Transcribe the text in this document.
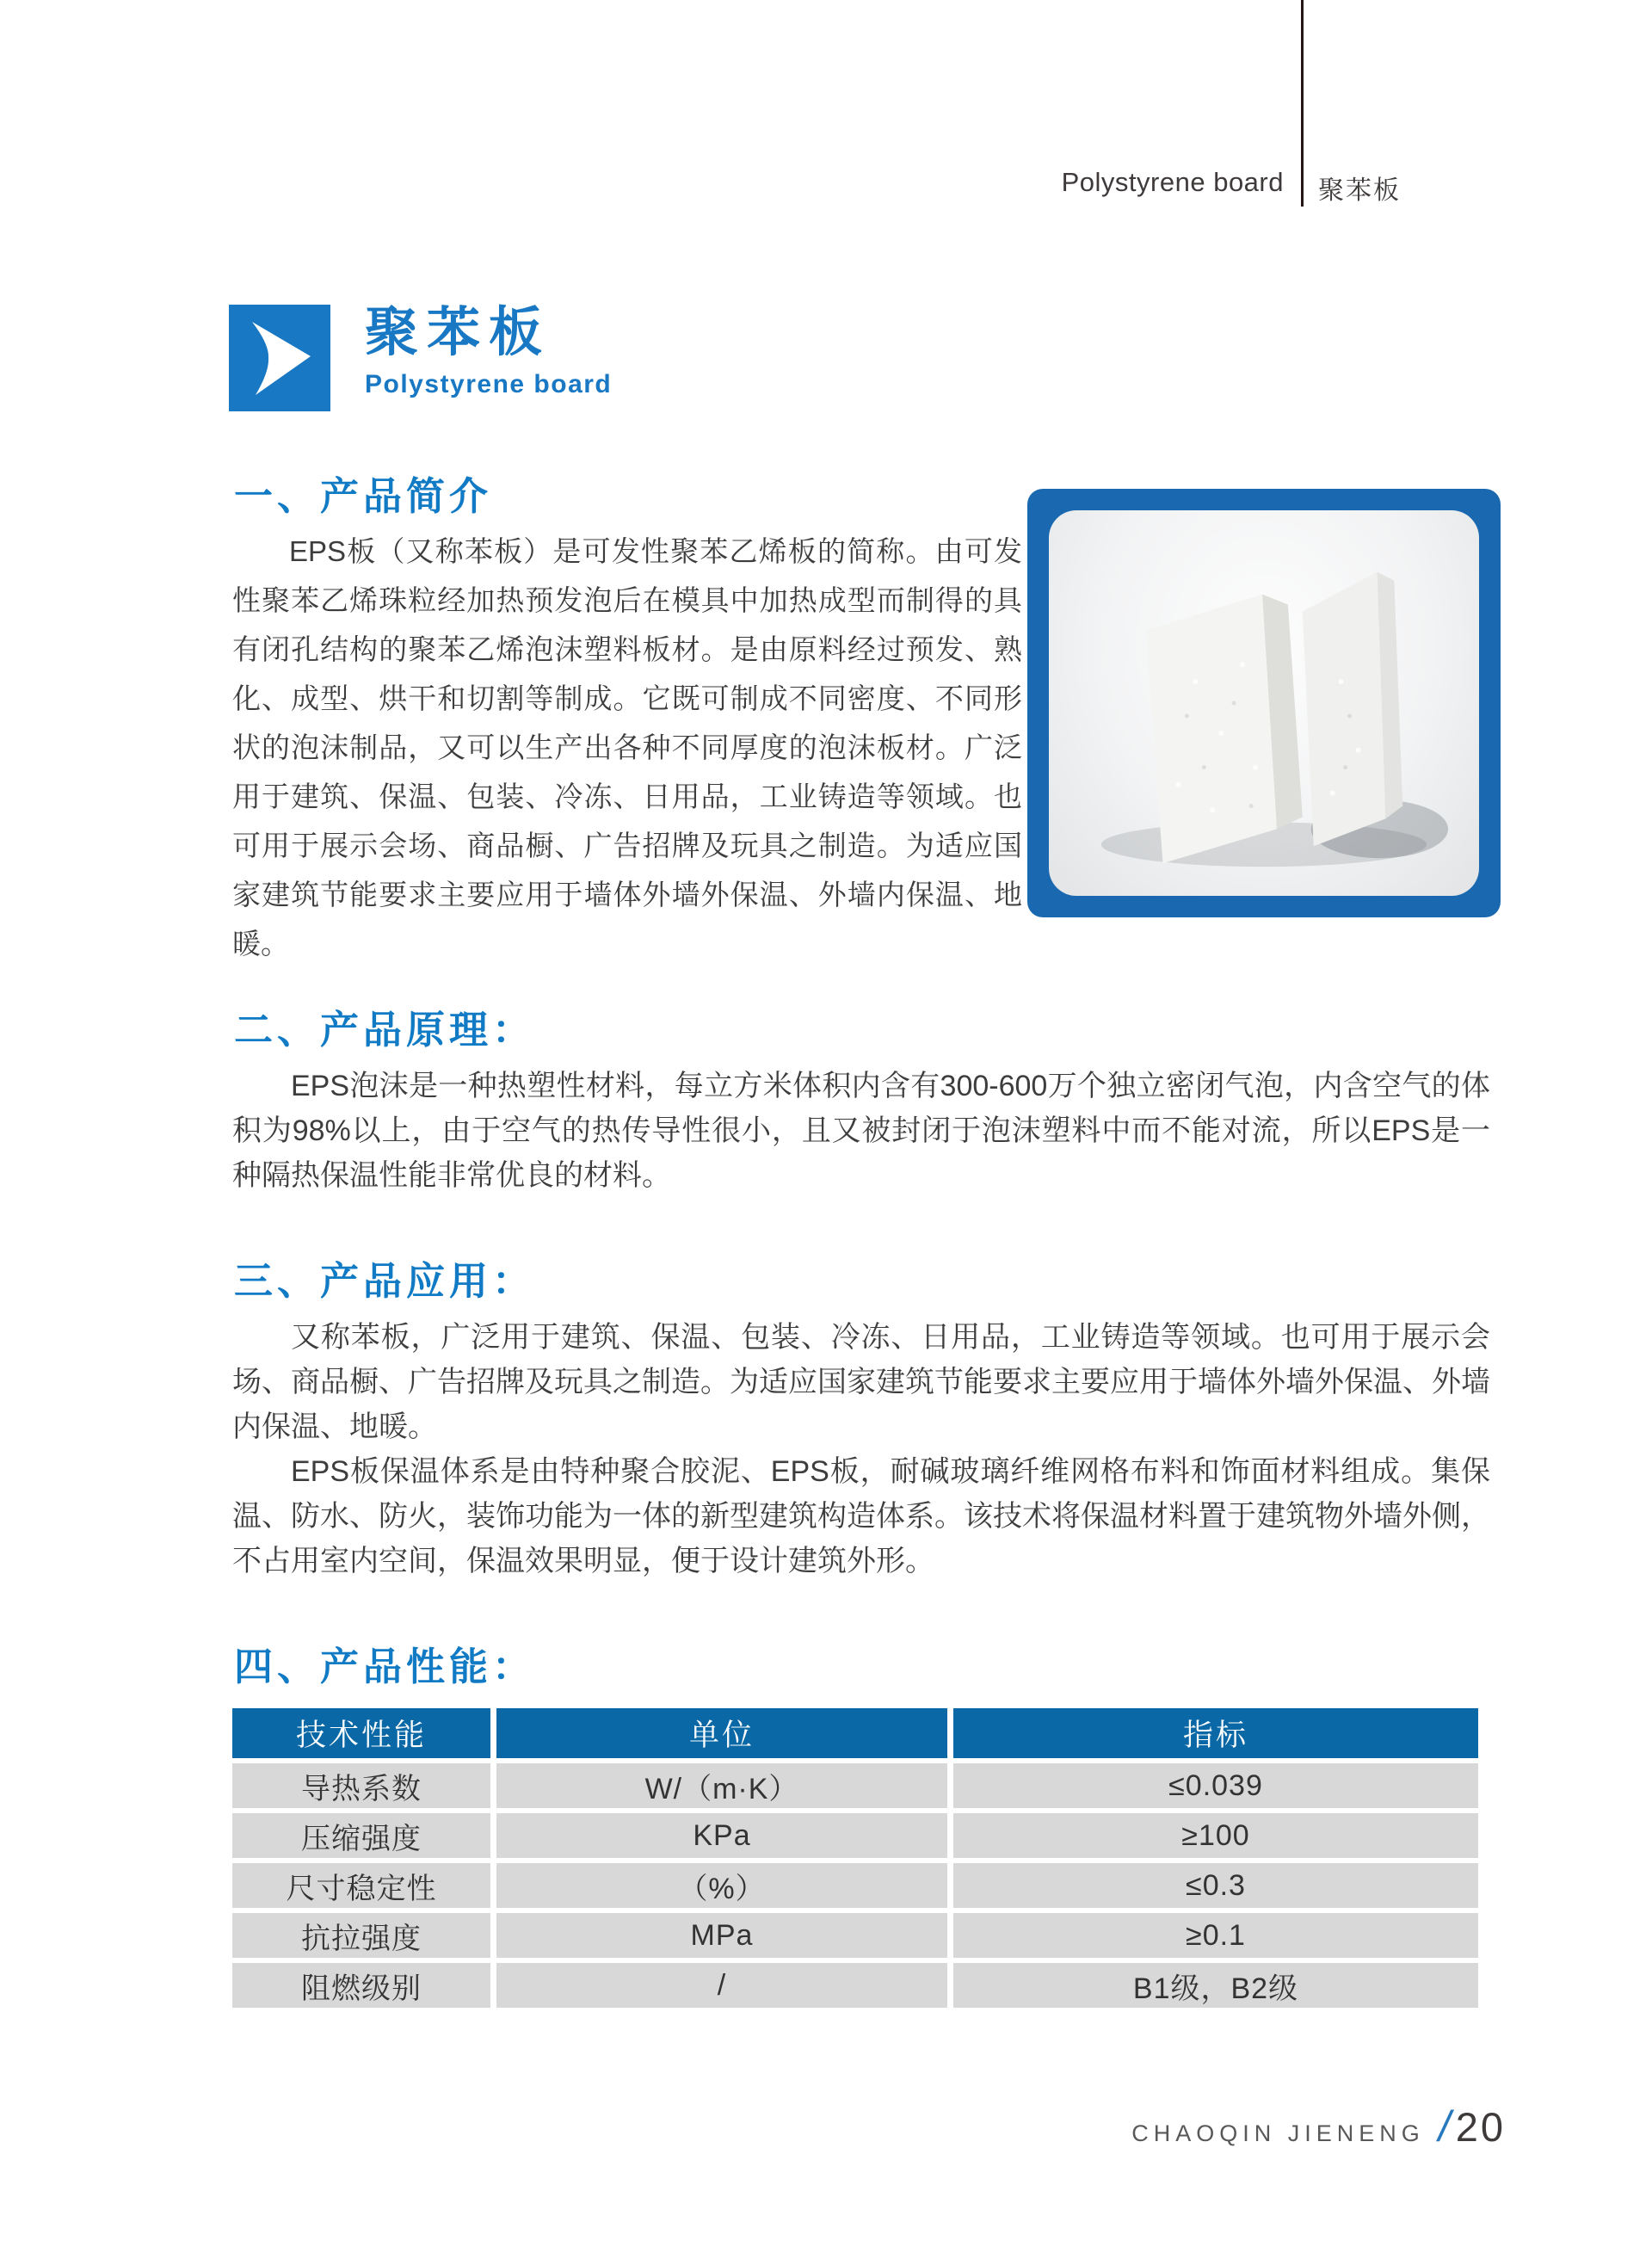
Polystyrene board 聚苯板
聚苯板
Polystyrene board
一、产品简介

EPS板（又称苯板）是可发性聚苯乙烯板的简称。由可发性聚苯乙烯珠粒经加热预发泡后在模具中加热成型而制得的具有闭孔结构的聚苯乙烯泡沫塑料板材。是由原料经过预发、熟化、成型、烘干和切割等制成。它既可制成不同密度、不同形状的泡沫制品，又可以生产出各种不同厚度的泡沫板材。广泛用于建筑、保温、包装、冷冻、日用品，工业铸造等领域。也可用于展示会场、商品橱、广告招牌及玩具之制造。为适应国家建筑节能要求主要应用于墙体外墙外保温、外墙内保温、地暖。

二、产品原理：

EPS泡沫是一种热塑性材料，每立方米体积内含有300-600万个独立密闭气泡，内含空气的体积为98%以上，由于空气的热传导性很小，且又被封闭于泡沫塑料中而不能对流，所以EPS是一种隔热保温性能非常优良的材料。

三、产品应用：

又称苯板，广泛用于建筑、保温、包装、冷冻、日用品，工业铸造等领域。也可用于展示会场、商品橱、广告招牌及玩具之制造。为适应国家建筑节能要求主要应用于墙体外墙外保温、外墙内保温、地暖。

EPS板保温体系是由特种聚合胶泥、EPS板，耐碱玻璃纤维网格布料和饰面材料组成。集保温、防水、防火，装饰功能为一体的新型建筑构造体系。该技术将保温材料置于建筑物外墙外侧，不占用室内空间，保温效果明显，便于设计建筑外形。

四、产品性能：
技术性能	单位	指标
导热系数	W/（m·K）	≤0.039
压缩强度	KPa	≥100
尺寸稳定性	（%）	≤0.3
抗拉强度	MPa	≥0.1
阻燃级别	/	B1级，B2级
CHAOQIN JIENENG / 20
